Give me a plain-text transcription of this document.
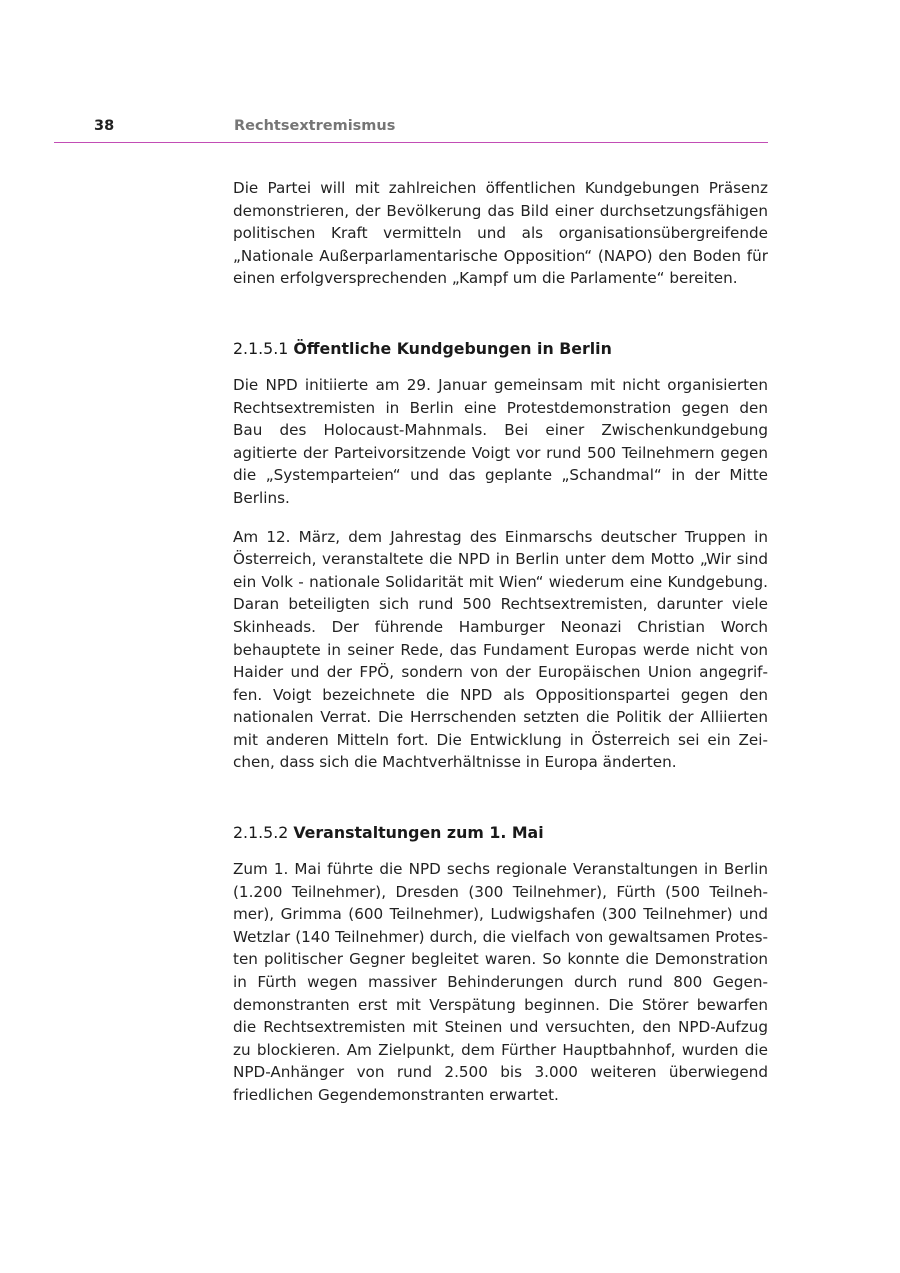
38	Rechtsextremismus

Die Partei will mit zahlreichen öffentlichen Kundgebungen Präsenz demonstrieren, der Bevölkerung das Bild einer durchsetzungsfähigen politischen Kraft vermitteln und als organisationsübergreifende „Nationale Außerparlamentarische Opposition“ (NAPO) den Boden für einen erfolgversprechenden „Kampf um die Parlamente“ bereiten.

2.1.5.1 Öffentliche Kundgebungen in Berlin

Die NPD initiierte am 29. Januar gemeinsam mit nicht organisierten Rechtsextremisten in Berlin eine Protestdemonstration gegen den Bau des Holocaust-Mahnmals. Bei einer Zwischenkundgebung agitierte der Parteivorsitzende Voigt vor rund 500 Teilnehmern gegen die „Systemparteien“ und das geplante „Schandmal“ in der Mitte Berlins.

Am 12. März, dem Jahrestag des Einmarschs deutscher Truppen in Österreich, veranstaltete die NPD in Berlin unter dem Motto „Wir sind ein Volk - nationale Solidarität mit Wien“ wiederum eine Kundgebung. Daran beteiligten sich rund 500 Rechtsextremisten, darunter viele Skinheads. Der führende Hamburger Neonazi Christian Worch behauptete in seiner Rede, das Fundament Europas werde nicht von Haider und der FPÖ, sondern von der Europäischen Union angegriffen. Voigt bezeichnete die NPD als Oppositionspartei gegen den nationalen Verrat. Die Herrschenden setzten die Politik der Alliierten mit anderen Mitteln fort. Die Entwicklung in Österreich sei ein Zeichen, dass sich die Machtverhältnisse in Europa änderten.

2.1.5.2 Veranstaltungen zum 1. Mai

Zum 1. Mai führte die NPD sechs regionale Veranstaltungen in Berlin (1.200 Teilnehmer), Dresden (300 Teilnehmer), Fürth (500 Teilnehmer), Grimma (600 Teilnehmer), Ludwigshafen (300 Teilnehmer) und Wetzlar (140 Teilnehmer) durch, die vielfach von gewaltsamen Protesten politischer Gegner begleitet waren. So konnte die Demonstration in Fürth wegen massiver Behinderungen durch rund 800 Gegendemonstranten erst mit Verspätung beginnen. Die Störer bewarfen die Rechtsextremisten mit Steinen und versuchten, den NPD-Aufzug zu blockieren. Am Zielpunkt, dem Fürther Hauptbahnhof, wurden die NPD-Anhänger von rund 2.500 bis 3.000 weiteren überwiegend friedlichen Gegendemonstranten erwartet.
